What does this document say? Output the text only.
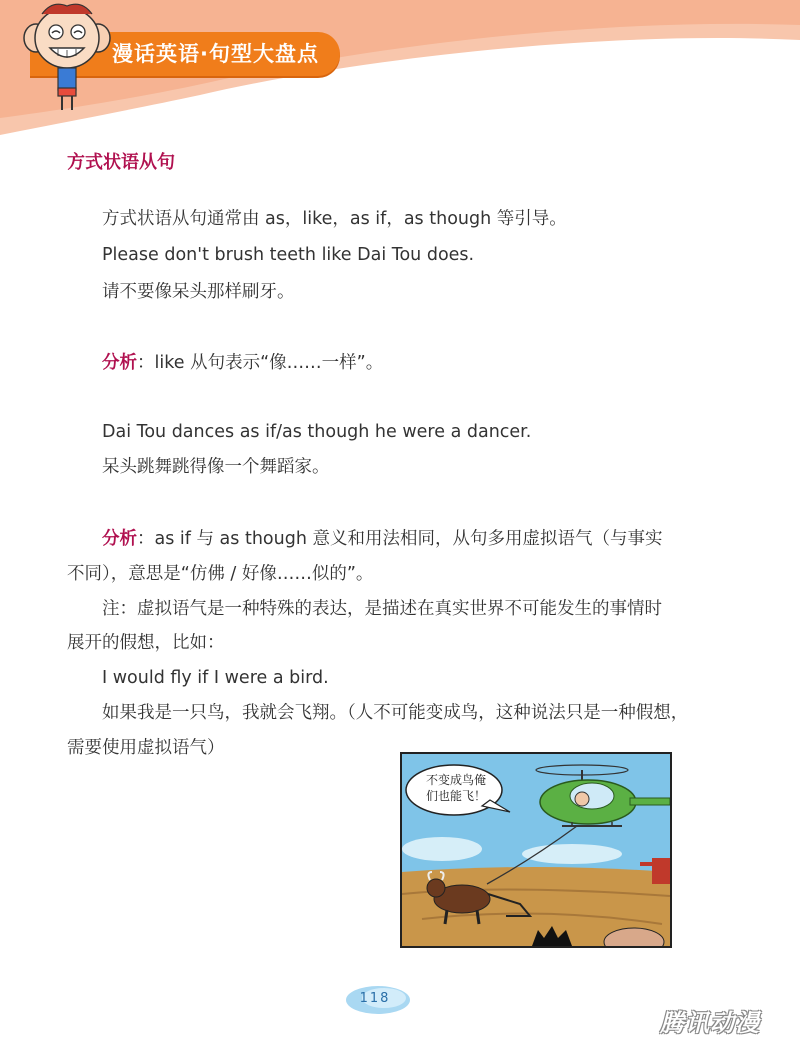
漫话英语·句型大盘点
方式状语从句
方式状语从句通常由 as，like，as if，as though 等引导。
Please don't brush teeth like Dai Tou does.
请不要像呆头那样刷牙。
分析：like 从句表示“像……一样”。
Dai Tou dances as if/as though he were a dancer.
呆头跳舞跳得像一个舞蹈家。
分析：as if 与 as though 意义和用法相同，从句多用虚拟语气（与事实
不同），意思是“仿佛 / 好像……似的”。
注：虚拟语气是一种特殊的表达，是描述在真实世界不可能发生的事情时
展开的假想，比如：
I would fly if I were a bird.
如果我是一只鸟，我就会飞翔。（人不可能变成鸟，这种说法只是一种假想，
需要使用虚拟语气）
不变成鸟俺
们也能飞！
118
腾讯动漫
